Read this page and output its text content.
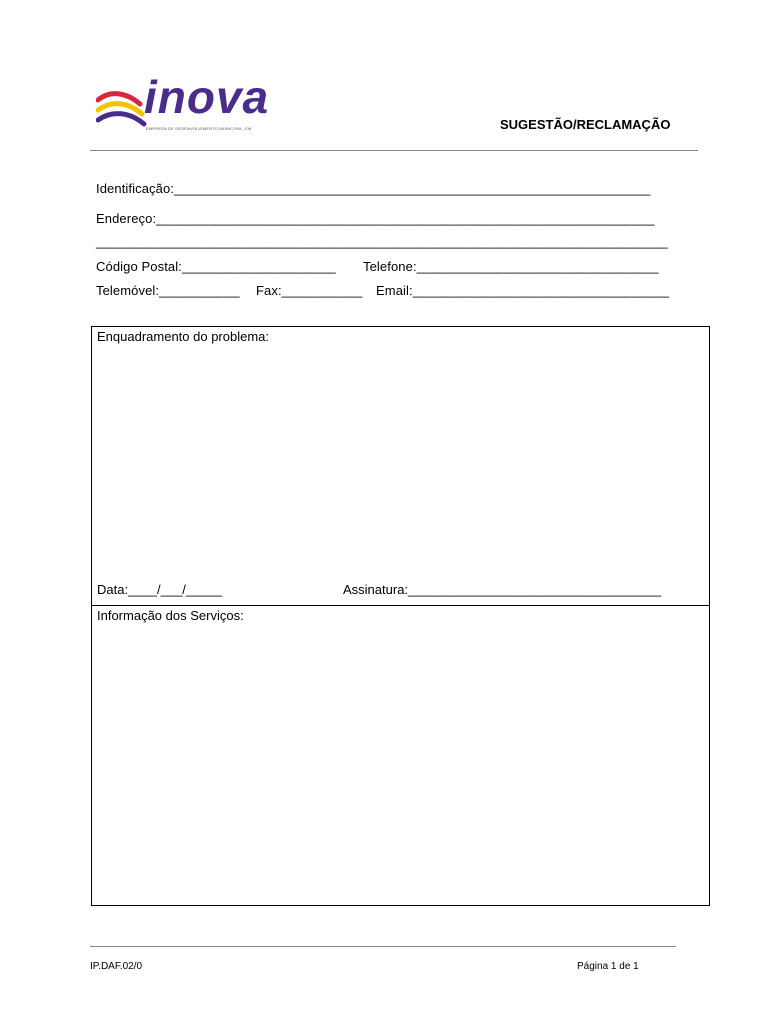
inova
EMPRESA DE DESENVOLVIMENTO MUNICIPAL, EM	SUGESTÃO/RECLAMAÇÃO
Identificação:_________________________________________________________________
Endereço:____________________________________________________________________
______________________________________________________________________________
Código Postal:_____________________ Telefone:_________________________________
Telemóvel:___________ Fax:___________ Email:___________________________________
Enquadramento do problema:
Data:____/___/_____	Assinatura:___________________________________
Informação dos Serviços:
IP.DAF.02/0	Página 1 de 1
